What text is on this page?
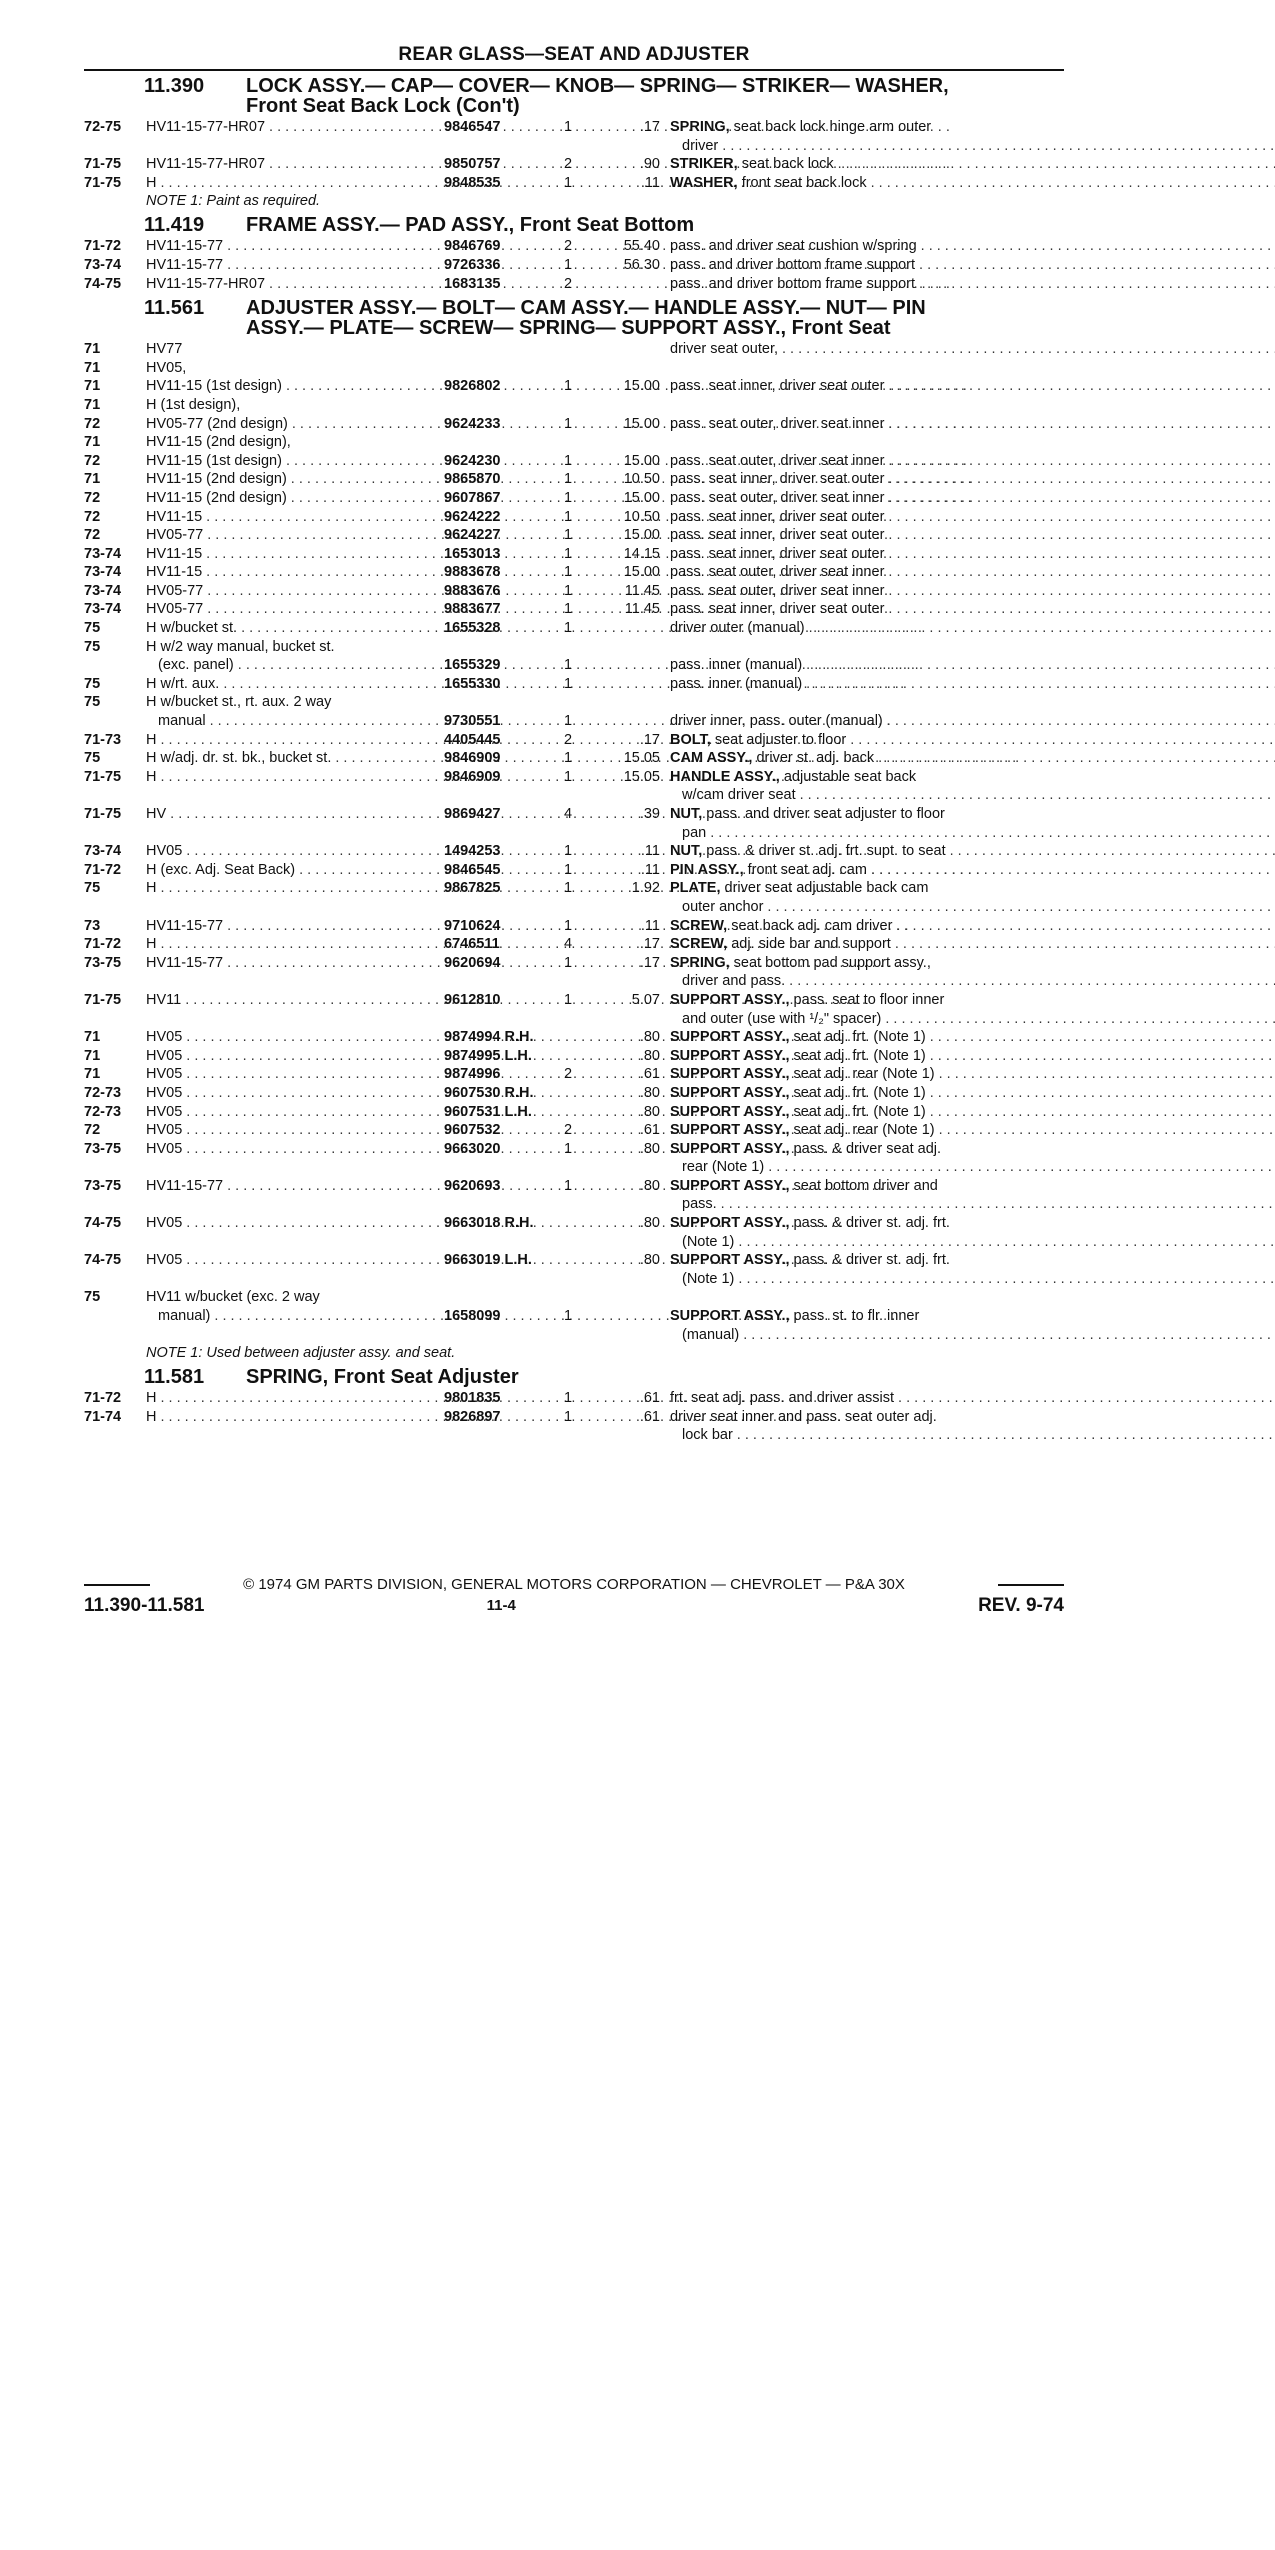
REAR GLASS—SEAT AND ADJUSTER
11.390	LOCK ASSY.— CAP— COVER— KNOB— SPRING— STRIKER— WASHER,
Front Seat Back Lock (Con't)
72-75	HV11-15-77-HR07 . . .	9846547	1	.17 SPRING, seat back lock hinge arm outer
driver
. . .
71-75	HV11-15-77-HR07 . . .	9850757	2	.90 STRIKER, seat back lock
. . .
71-75	H . . .	9848535	1	.11 WASHER, front seat back lock
. . .
NOTE 1: Paint as required.
11.419	FRAME ASSY.— PAD ASSY., Front Seat Bottom
71-72	HV11-15-77 . . .	9846769	2	55.40 pass. and driver seat cushion w/spring
. . .
73-74	HV11-15-77 . . .	9726336	1	56.30 pass. and driver bottom frame support
. . .
74-75	HV11-15-77-HR07 . . .	1683135	2	pass. and driver bottom frame support
. . .
11.561	ADJUSTER ASSY.— BOLT— CAM ASSY.— HANDLE ASSY.— NUT— PIN
ASSY.— PLATE— SCREW— SPRING— SUPPORT ASSY., Front Seat
71	HV77	driver seat outer,
. . .
71	HV05,
71	HV11-15 (1st design) . . .	9826802	1	15.00 pass. seat inner, driver seat outer
. . .
71	H (1st design),
72	HV05-77 (2nd design) . . .	9624233	1	15.00 pass. seat outer, driver seat inner
. . .
71	HV11-15 (2nd design),
72	HV11-15 (1st design) . . .	9624230	1	15.00 pass. seat outer, driver seat inner
. . .
71	HV11-15 (2nd design) . . .	9865870	1	10.50 pass. seat inner, driver seat outer
. . .
72	HV11-15 (2nd design) . . .	9607867	1	15.00 pass. seat outer, driver seat inner
. . .
72	HV11-15 . . .	9624222	1	10.50 pass. seat inner, driver seat outer
. . .
72	HV05-77 . . .	9624227	1	15.00 pass. seat inner, driver seat outer
. . .
73-74	HV11-15 . . .	1653013	1	14.15 pass. seat inner, driver seat outer
. . .
73-74	HV11-15 . . .	9883678	1	15.00 pass. seat outer, driver seat inner
. . .
73-74	HV05-77 . . .	9883676	1	11.45 pass. seat outer, driver seat inner
. . .
73-74	HV05-77 . . .	9883677	1	11.45 pass. seat inner, driver seat outer
. . .
75	H w/bucket st. . . .	1655328	1	driver outer (manual)
. . .
75	H w/2 way manual, bucket st.
(exc. panel) . . .	1655329	1	pass. inner (manual)
. . .
75	H w/rt. aux. . . .	1655330	1	pass. inner (manual)
. . .
75	H w/bucket st., rt. aux. 2 way
manual . . .	9730551	1	driver inner, pass. outer (manual)
. . .
71-73	H . . .	4405445	2	.17 BOLT, seat adjuster to floor
. . .
75	H w/adj. dr. st. bk., bucket st. . . .	9846909	1	15.05 CAM ASSY., driver st. adj. back
. . .
71-75	H . . .	9846909	1	15.05 HANDLE ASSY., adjustable seat back
w/cam driver seat
. . .
71-75	HV . . .	9869427	4	.39 NUT, pass. and driver seat adjuster to floor
pan
. . .
73-74	HV05 . . .	1494253	1	.11 NUT, pass. & driver st. adj. frt. supt. to seat
. . .
71-72	H (exc. Adj. Seat Back) . . .	9846545	1	.11 PIN ASSY., front seat adj. cam
. . .
75	H . . .	9867825	1	1.92 PLATE, driver seat adjustable back cam
outer anchor
. . .
73	HV11-15-77 . . .	9710624	1	.11 SCREW, seat back adj. cam driver
. . .
71-72	H . . .	6746511	4	.17 SCREW, adj. side bar and support
. . .
73-75	HV11-15-77 . . .	9620694	1	.17 SPRING, seat bottom pad support assy.,
driver and pass.
. . .
71-75	HV11 . . .	9612810	1	5.07 SUPPORT ASSY., pass. seat to floor inner
and outer (use with ¹/₂" spacer)
. . .
71	HV05 . . .	9874994 R.H.	.80 SUPPORT ASSY., seat adj. frt. (Note 1)
. . .
71	HV05 . . .	9874995 L.H.	.80 SUPPORT ASSY., seat adj. frt. (Note 1)
. . .
71	HV05 . . .	9874996	2	.61 SUPPORT ASSY., seat adj. rear (Note 1)
. . .
72-73	HV05 . . .	9607530 R.H.	.80 SUPPORT ASSY., seat adj. frt. (Note 1)
. . .
72-73	HV05 . . .	9607531 L.H.	.80 SUPPORT ASSY., seat adj. frt. (Note 1)
. . .
72	HV05 . . .	9607532	2	.61 SUPPORT ASSY., seat adj. rear (Note 1)
. . .
73-75	HV05 . . .	9663020	1	.80 SUPPORT ASSY., pass. & driver seat adj.
rear (Note 1)
. . .
73-75	HV11-15-77 . . .	9620693	1	.80 SUPPORT ASSY., seat bottom driver and
pass.
. . .
74-75	HV05 . . .	9663018 R.H.	.80 SUPPORT ASSY., pass. & driver st. adj. frt.
(Note 1)
. . .
74-75	HV05 . . .	9663019 L.H.	.80 SUPPORT ASSY., pass. & driver st. adj. frt.
(Note 1)
. . .
75	HV11 w/bucket (exc. 2 way
manual) . . .	1658099	1	SUPPORT ASSY., pass. st. to flr. inner
(manual)
. . .
NOTE 1: Used between adjuster assy. and seat.
11.581	SPRING, Front Seat Adjuster
71-72	H . . .	9801835	1	.61 frt. seat adj. pass. and driver assist
. . .
71-74	H . . .	9826897	1	.61 driver seat inner and pass. seat outer adj.
lock bar
. . .
© 1974 GM PARTS DIVISION, GENERAL MOTORS CORPORATION — CHEVROLET — P&A 30X
11.390-11.581	11-4	REV. 9-74
